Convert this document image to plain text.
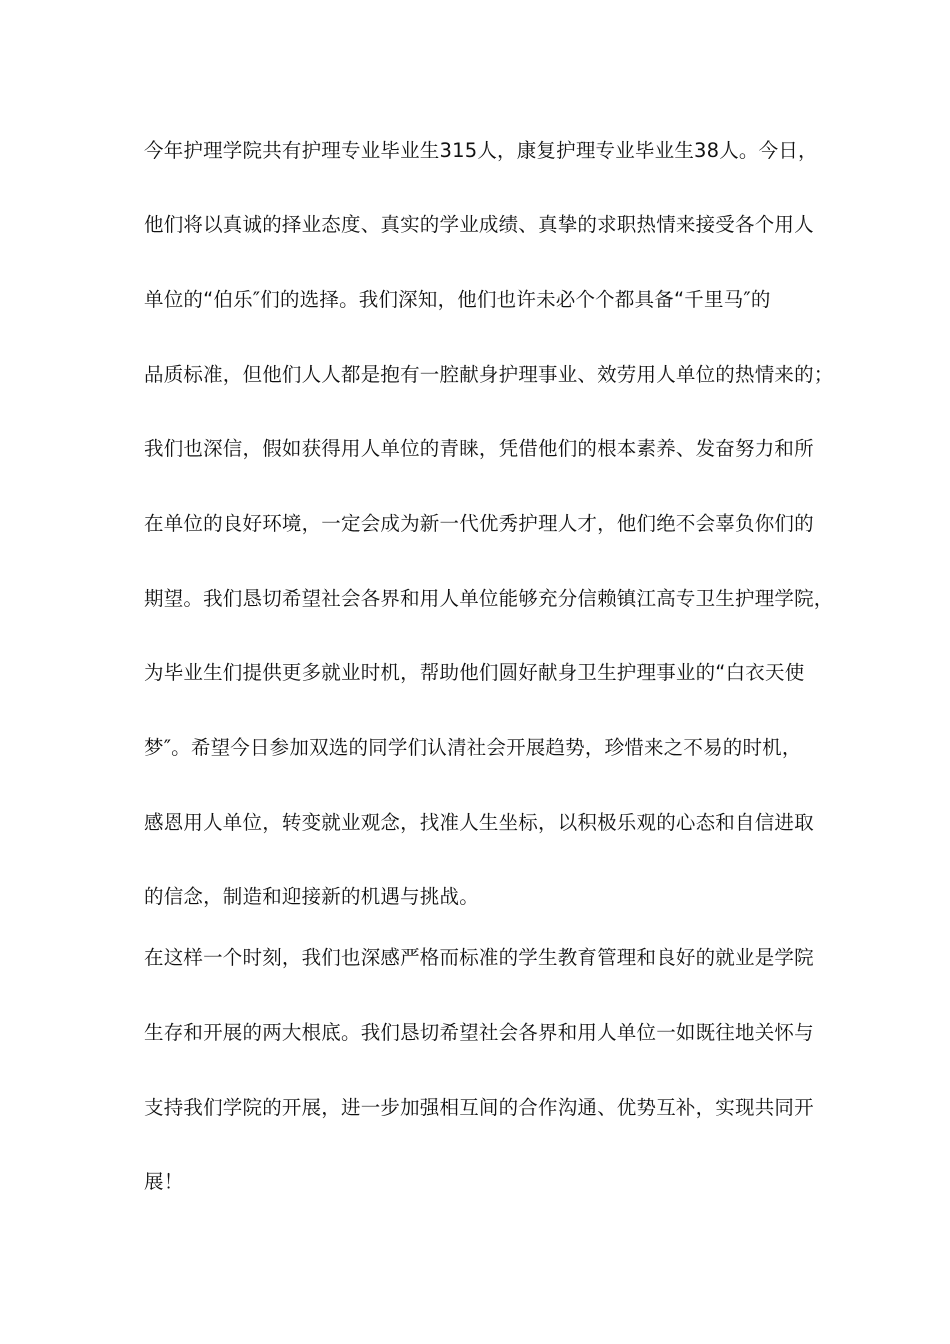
今年护理学院共有护理专业毕业生315人，康复护理专业毕业生38人。今日，
他们将以真诚的择业态度、真实的学业成绩、真挚的求职热情来接受各个用人
单位的“伯乐″们的选择。我们深知，他们也许未必个个都具备“千里马″的
品质标准，但他们人人都是抱有一腔献身护理事业、效劳用人单位的热情来的；
我们也深信，假如获得用人单位的青睐，凭借他们的根本素养、发奋努力和所
在单位的良好环境，一定会成为新一代优秀护理人才，他们绝不会辜负你们的
期望。我们恳切希望社会各界和用人单位能够充分信赖镇江高专卫生护理学院，
为毕业生们提供更多就业时机，帮助他们圆好献身卫生护理事业的“白衣天使
梦″。希望今日参加双选的同学们认清社会开展趋势，珍惜来之不易的时机，
感恩用人单位，转变就业观念，找准人生坐标，以积极乐观的心态和自信进取
的信念，制造和迎接新的机遇与挑战。
在这样一个时刻，我们也深感严格而标准的学生教育管理和良好的就业是学院
生存和开展的两大根底。我们恳切希望社会各界和用人单位一如既往地关怀与
支持我们学院的开展，进一步加强相互间的合作沟通、优势互补，实现共同开
展！
